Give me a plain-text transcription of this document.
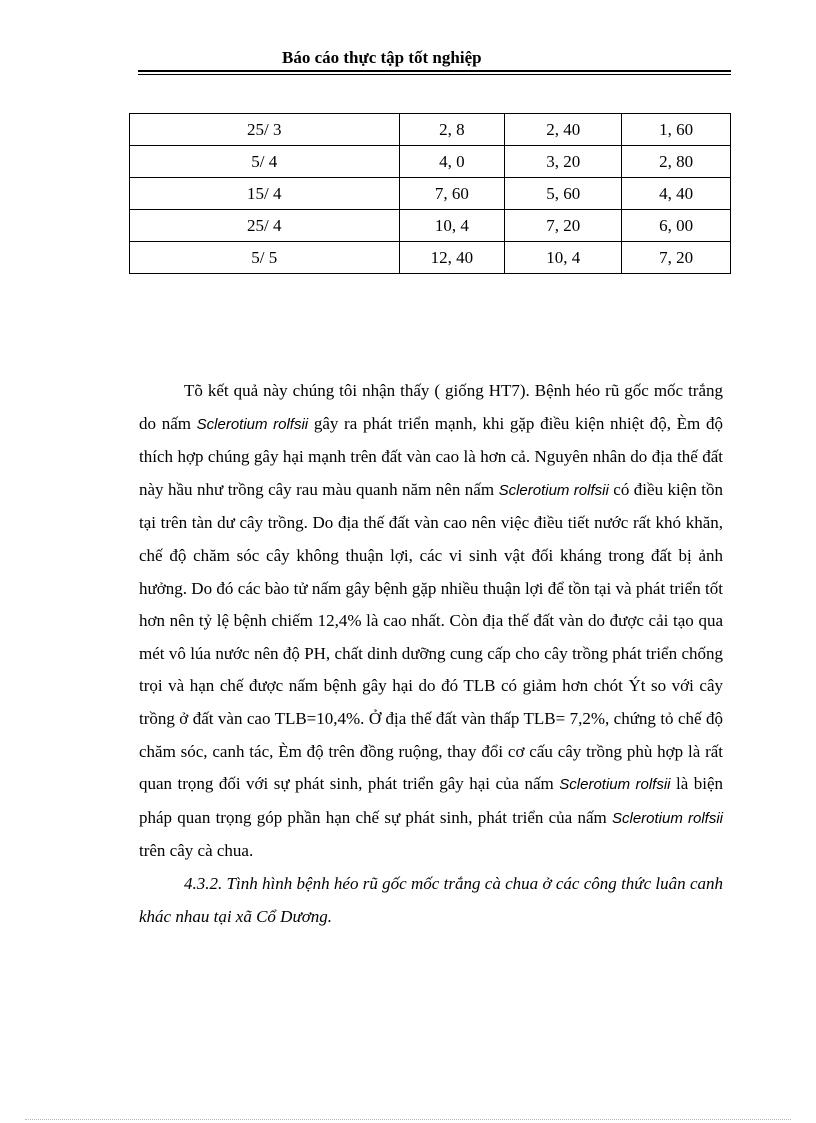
Báo cáo thực tập tốt nghiệp
25/ 3	2, 8	2, 40	1, 60
5/ 4	4, 0	3, 20	2, 80
15/ 4	7, 60	5, 60	4, 40
25/ 4	10, 4	7, 20	6, 00
5/ 5	12, 40	10, 4	7, 20

Tõ kết quả này chúng tôi nhận thấy ( giống HT7). Bệnh héo rũ gốc mốc trắng do nấm Sclerotium rolfsii gây ra phát triển mạnh, khi gặp điều kiện nhiệt độ, Èm độ thích hợp chúng gây hại mạnh trên đất vàn cao là hơn cả. Nguyên nhân do địa thế đất này hầu như trồng cây rau màu quanh năm nên nấm Sclerotium rolfsii có điều kiện tồn tại trên tàn dư cây trồng. Do địa thế đất vàn cao nên việc điều tiết nước rất khó khăn, chế độ chăm sóc cây không thuận lợi, các vi sinh vật đối kháng trong đất bị ảnh hưởng. Do đó các bào tử nấm gây bệnh gặp nhiều thuận lợi để tồn tại và phát triển tốt hơn nên tỷ lệ bệnh chiếm 12,4% là cao nhất. Còn địa thế đất vàn do được cải tạo qua mét vô lúa nước nên độ PH, chất dinh dưỡng cung cấp cho cây trồng phát triển chống trọi và hạn chế được nấm bệnh gây hại do đó TLB có giảm hơn chót Ýt so với cây trồng ở đất vàn cao TLB=10,4%. Ở địa thế đất vàn thấp TLB= 7,2%, chứng tỏ chế độ chăm sóc, canh tác, Èm độ trên đồng ruộng, thay đổi cơ cấu cây trồng phù hợp là rất quan trọng đối với sự phát sinh, phát triển gây hại của nấm Sclerotium rolfsii là biện pháp quan trọng góp phần hạn chế sự phát sinh, phát triển của nấm Sclerotium rolfsii trên cây cà chua.

4.3.2. Tình hình bệnh héo rũ gốc mốc trắng cà chua ở các công thức luân canh khác nhau tại xã Cổ Dương.
